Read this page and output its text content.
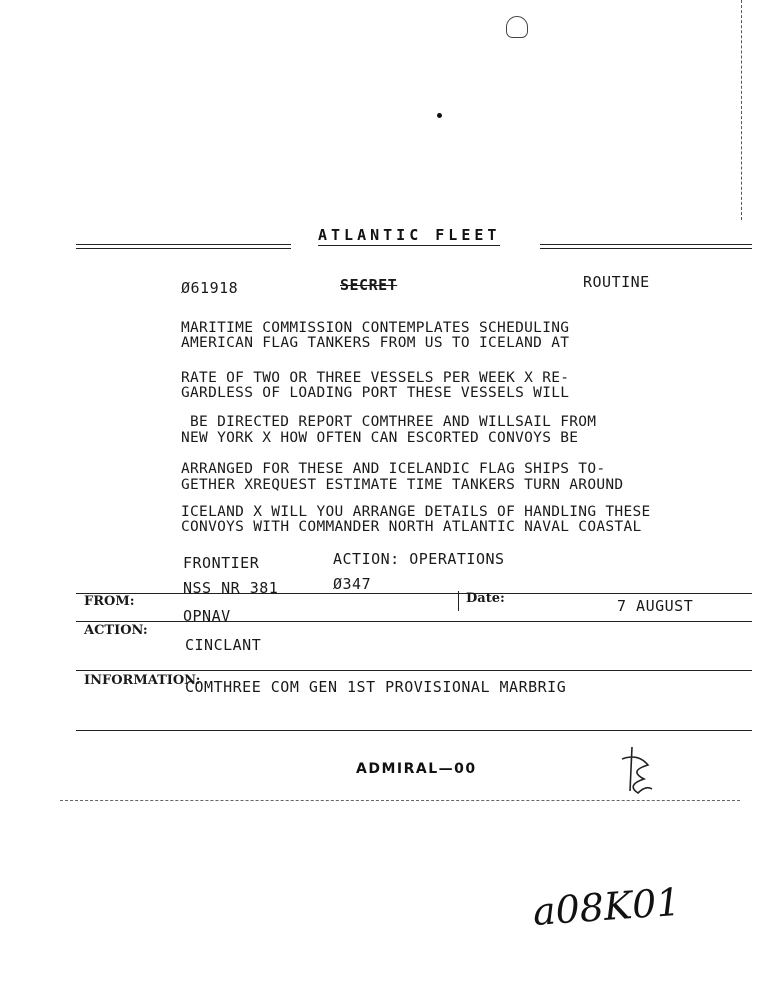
ATLANTIC FLEET
Ø61918	SECRET	ROUTINE
MARITIME COMMISSION CONTEMPLATES SCHEDULING
AMERICAN FLAG TANKERS FROM US TO ICELAND AT
RATE OF TWO OR THREE VESSELS PER WEEK X RE-
GARDLESS OF LOADING PORT THESE VESSELS WILL
BE DIRECTED REPORT COMTHREE AND WILLSAIL FROM
NEW YORK X HOW OFTEN CAN ESCORTED CONVOYS BE
ARRANGED FOR THESE AND ICELANDIC FLAG SHIPS TO-
GETHER XREQUEST ESTIMATE TIME TANKERS TURN AROUND
ICELAND X WILL YOU ARRANGE DETAILS OF HANDLING THESE
CONVOYS WITH COMMANDER NORTH ATLANTIC NAVAL COASTAL
FRONTIER	ACTION: OPERATIONS
NSS NR 381	Ø347
FROM:
OPNAV
Date:	7 AUGUST
ACTION:
CINCLANT
INFORMATION:
COMTHREE COM GEN 1ST PROVISIONAL MARBRIG
ADMIRAL—00
a08K01
